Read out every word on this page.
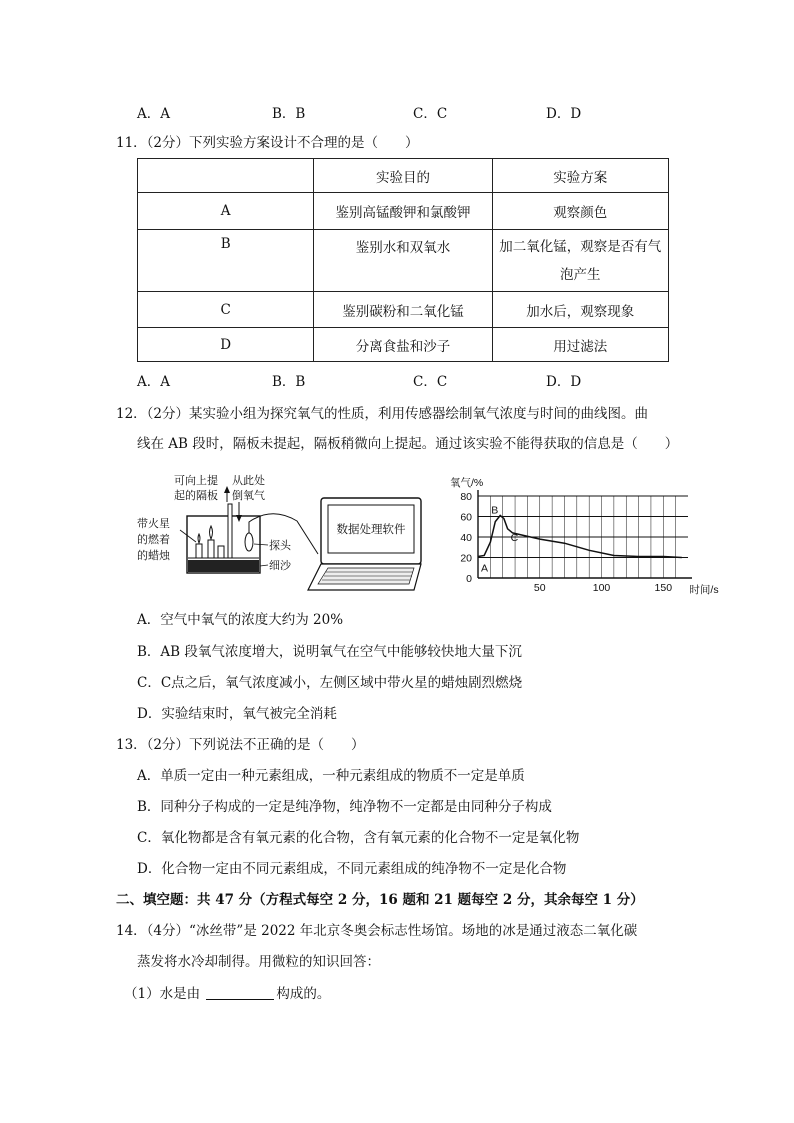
A．A	B．B	C．C	D．D
11．（2分）下列实验方案设计不合理的是（　　）
	实验目的	实验方案
A	鉴别高锰酸钾和氯酸钾	观察颜色
B	鉴别水和双氧水	加二氧化锰，观察是否有气
泡产生

C	鉴别碳粉和二氧化锰	加水后，观察现象
D	分离食盐和沙子	用过滤法
A．A	B．B	C．C	D．D
12．（2分）某实验小组为探究氧气的性质，利用传感器绘制氧气浓度与时间的曲线图。曲
线在 AB 段时，隔板未提起，隔板稍微向上提起。通过该实验不能得获取的信息是（　　）
可向上提
起的隔板
从此处
倒氧气
带火星
的燃着
的蜡烛
探头
细沙
数据处理软件
0
20
40
60
80
50	100	150
氧气/%
时间/s
A
B
C
A．空气中氧气的浓度大约为 20%
B．AB 段氧气浓度增大，说明氧气在空气中能够较快地大量下沉
C．C点之后，氧气浓度减小，左侧区域中带火星的蜡烛剧烈燃烧
D．实验结束时，氧气被完全消耗
13．（2分）下列说法不正确的是（　　）
A．单质一定由一种元素组成，一种元素组成的物质不一定是单质
B．同种分子构成的一定是纯净物，纯净物不一定都是由同种分子构成
C．氧化物都是含有氧元素的化合物，含有氧元素的化合物不一定是氧化物
D．化合物一定由不同元素组成，不同元素组成的纯净物不一定是化合物
二、填空题：共 47 分（方程式每空 2 分，16 题和 21 题每空 2 分，其余每空 1 分）
14．（4分）“冰丝带”是 2022 年北京冬奥会标志性场馆。场地的冰是通过液态二氧化碳
蒸发将水冷却制得。用微粒的知识回答：
（1）水是由	构成的。
